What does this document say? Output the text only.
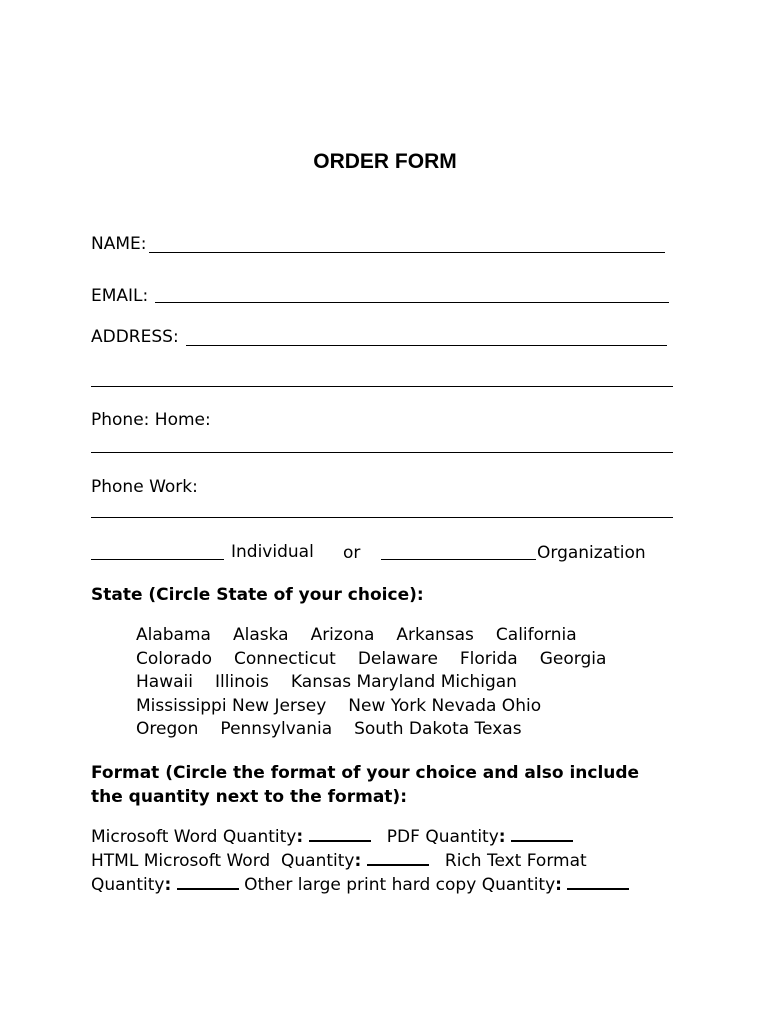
ORDER FORM
NAME:
EMAIL:
ADDRESS:
Phone: Home:
Phone Work:
Individual or	Organization
State (Circle State of your choice):
Alabama Alaska Arizona Arkansas California
Colorado Connecticut Delaware Florida Georgia
Hawaii Illinois Kansas Maryland Michigan
Mississippi New Jersey New York Nevada Ohio
Oregon Pennsylvania South Dakota Texas
Format (Circle the format of your choice and also include
the quantity next to the format):
Microsoft Word Quantity:	PDF Quantity:
HTML Microsoft Word Quantity:	Rich Text Format
Quantity:	Other large print hard copy Quantity:
